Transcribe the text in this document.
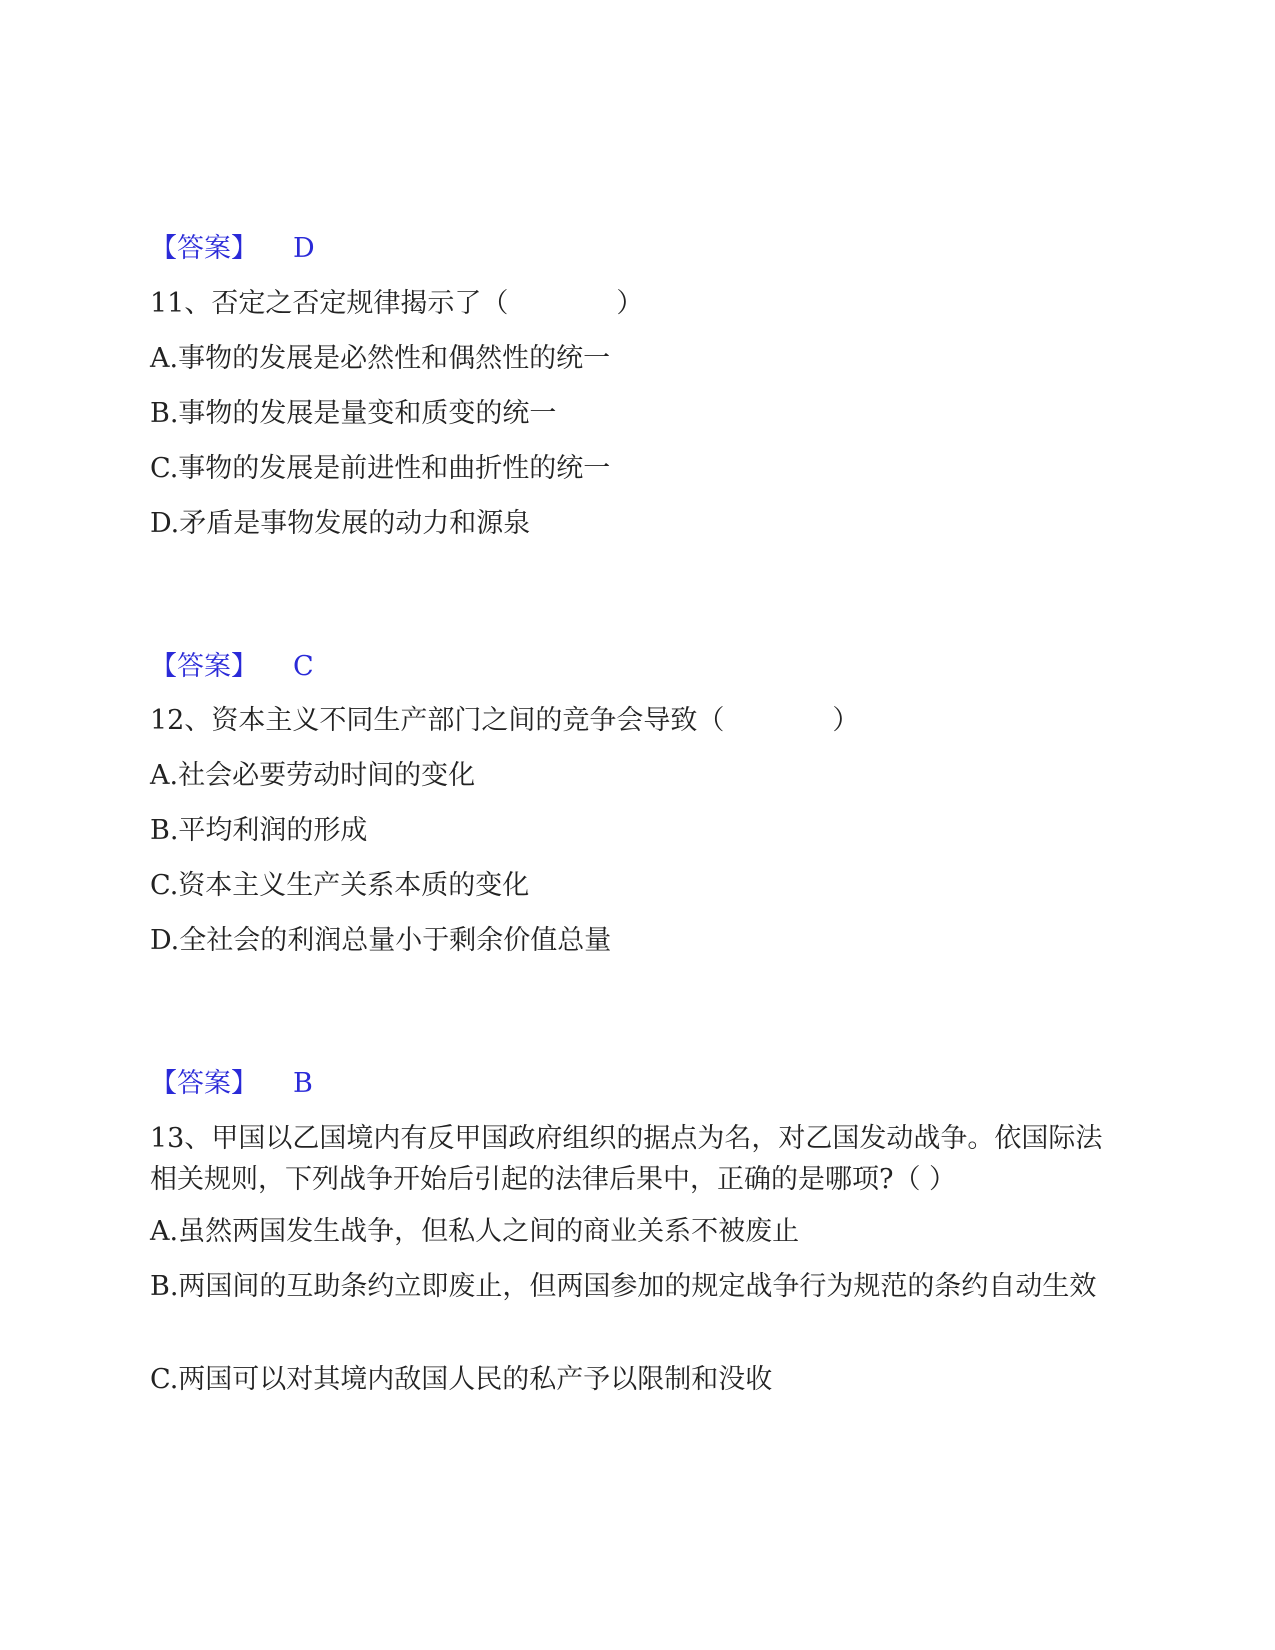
【答案】 D
11、否定之否定规律揭示了（　　　　）
A.事物的发展是必然性和偶然性的统一
B.事物的发展是量变和质变的统一
C.事物的发展是前进性和曲折性的统一
D.矛盾是事物发展的动力和源泉
【答案】 C
12、资本主义不同生产部门之间的竞争会导致（　　　　）
A.社会必要劳动时间的变化
B.平均利润的形成
C.资本主义生产关系本质的变化
D.全社会的利润总量小于剩余价值总量
【答案】 B
13、甲国以乙国境内有反甲国政府组织的据点为名，对乙国发动战争。依国际法相关规则，下列战争开始后引起的法律后果中，正确的是哪项?（ ）
A.虽然两国发生战争，但私人之间的商业关系不被废止
B.两国间的互助条约立即废止，但两国参加的规定战争行为规范的条约自动生效
C.两国可以对其境内敌国人民的私产予以限制和没收
